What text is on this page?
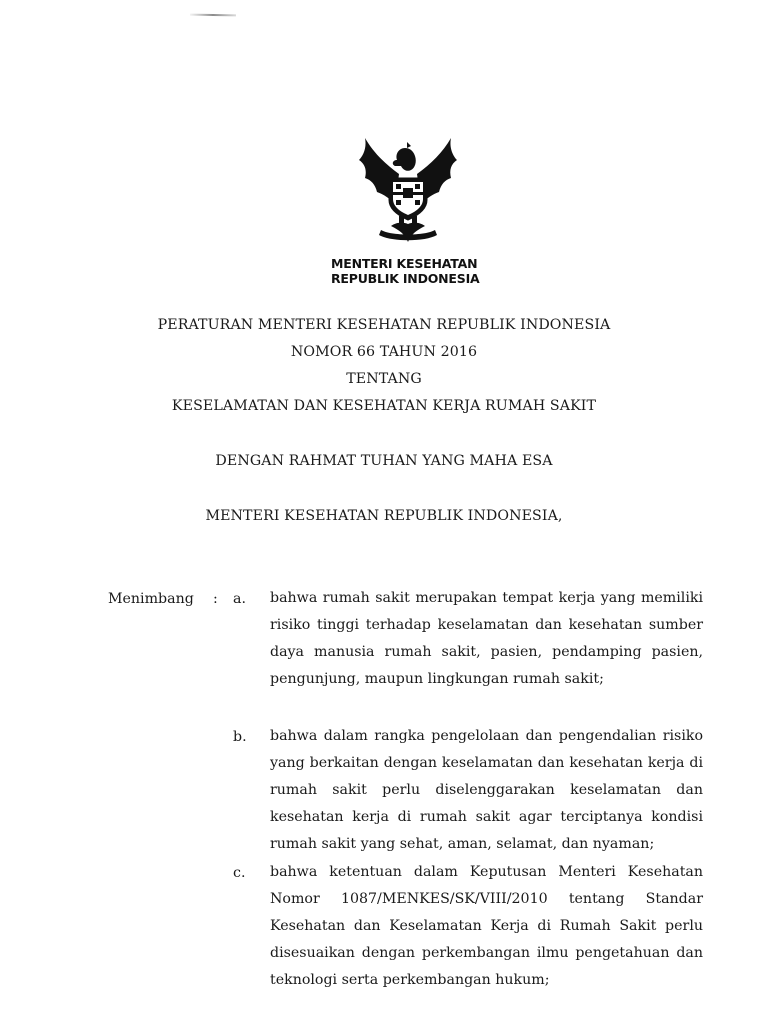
MENTERI KESEHATAN
REPUBLIK INDONESIA
PERATURAN MENTERI KESEHATAN REPUBLIK INDONESIA
NOMOR 66 TAHUN 2016
TENTANG
KESELAMATAN DAN KESEHATAN KERJA RUMAH SAKIT
DENGAN RAHMAT TUHAN YANG MAHA ESA
MENTERI KESEHATAN REPUBLIK INDONESIA,
Menimbang : a. bahwa rumah sakit merupakan tempat kerja yang memiliki risiko tinggi terhadap keselamatan dan kesehatan sumber daya manusia rumah sakit, pasien, pendamping pasien, pengunjung, maupun lingkungan rumah sakit;
b. bahwa dalam rangka pengelolaan dan pengendalian risiko yang berkaitan dengan keselamatan dan kesehatan kerja di rumah sakit perlu diselenggarakan keselamatan dan kesehatan kerja di rumah sakit agar terciptanya kondisi rumah sakit yang sehat, aman, selamat, dan nyaman;
c. bahwa ketentuan dalam Keputusan Menteri Kesehatan Nomor 1087/MENKES/SK/VIII/2010 tentang Standar Kesehatan dan Keselamatan Kerja di Rumah Sakit perlu disesuaikan dengan perkembangan ilmu pengetahuan dan teknologi serta perkembangan hukum;
